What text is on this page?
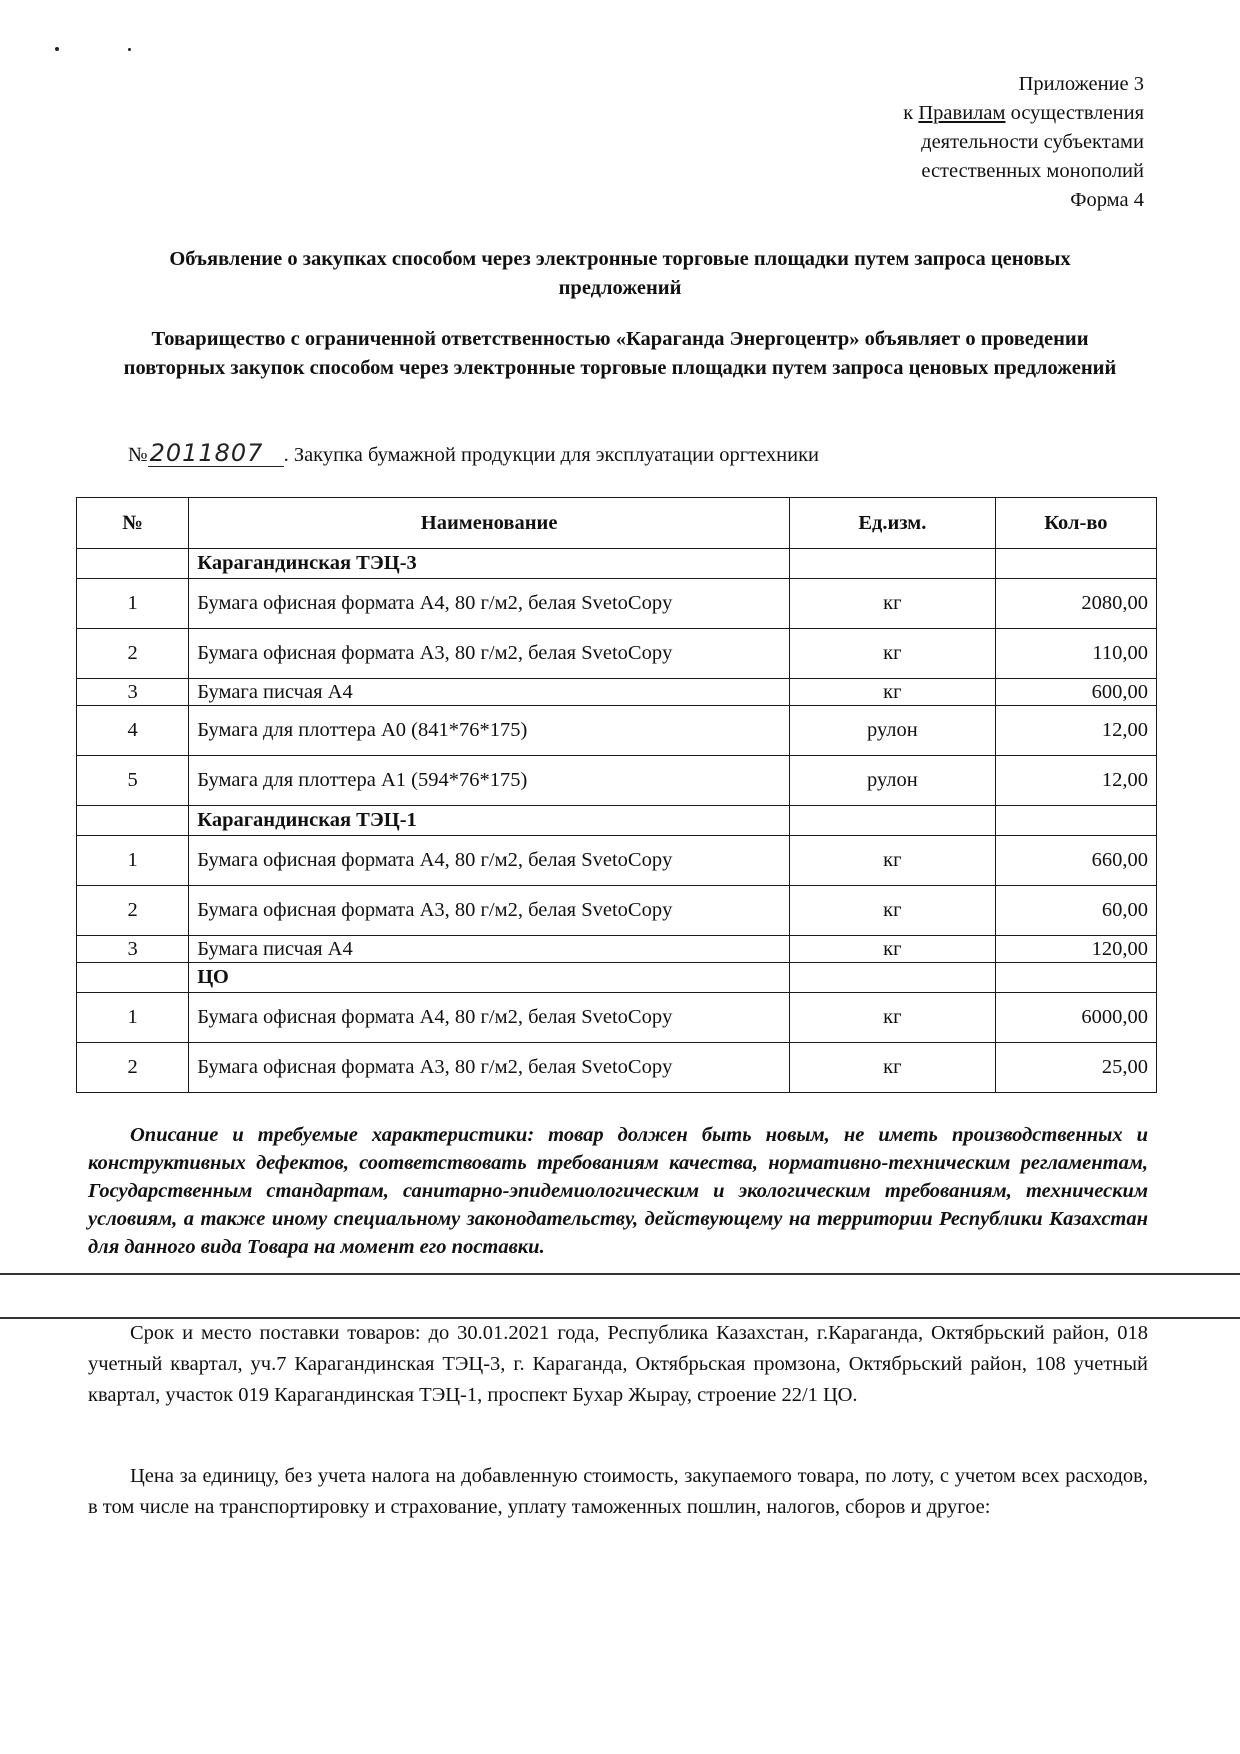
Приложение 3
к Правилам осуществления
деятельности субъектами
естественных монополий
Форма 4
Объявление о закупках способом через электронные торговые площадки путем запроса ценовых предложений
Товарищество с ограниченной ответственностью «Караганда Энергоцентр» объявляет о проведении повторных закупок способом через электронные торговые площадки путем запроса ценовых предложений
№2011807 . Закупка бумажной продукции для эксплуатации оргтехники
№	Наименование	Ед.изм.	Кол-во
	Карагандинская ТЭЦ-3		
1	Бумага офисная формата А4, 80 г/м2, белая SvetoCopy	кг	2080,00
2	Бумага офисная формата А3, 80 г/м2, белая SvetoCopy	кг	110,00
3	Бумага писчая А4	кг	600,00
4	Бумага для плоттера А0 (841*76*175)	рулон	12,00
5	Бумага для плоттера А1 (594*76*175)	рулон	12,00
	Карагандинская ТЭЦ-1		
1	Бумага офисная формата А4, 80 г/м2, белая SvetoCopy	кг	660,00
2	Бумага офисная формата А3, 80 г/м2, белая SvetoCopy	кг	60,00
3	Бумага писчая А4	кг	120,00
	ЦО		
1	Бумага офисная формата А4, 80 г/м2, белая SvetoCopy	кг	6000,00
2	Бумага офисная формата А3, 80 г/м2, белая SvetoCopy	кг	25,00
Описание и требуемые характеристики: товар должен быть новым, не иметь производственных и конструктивных дефектов, соответствовать требованиям качества, нормативно-техническим регламентам, Государственным стандартам, санитарно-эпидемиологическим и экологическим требованиям, техническим условиям, а также иному специальному законодательству, действующему на территории Республики Казахстан для данного вида Товара на момент его поставки.
Срок и место поставки товаров: до 30.01.2021 года, Республика Казахстан, г.Караганда, Октябрьский район, 018 учетный квартал, уч.7 Карагандинская ТЭЦ-3, г. Караганда, Октябрьская промзона, Октябрьский район, 108 учетный квартал, участок 019 Карагандинская ТЭЦ-1, проспект Бухар Жырау, строение 22/1 ЦО.
Цена за единицу, без учета налога на добавленную стоимость, закупаемого товара, по лоту, с учетом всех расходов, в том числе на транспортировку и страхование, уплату таможенных пошлин, налогов, сборов и другое:
